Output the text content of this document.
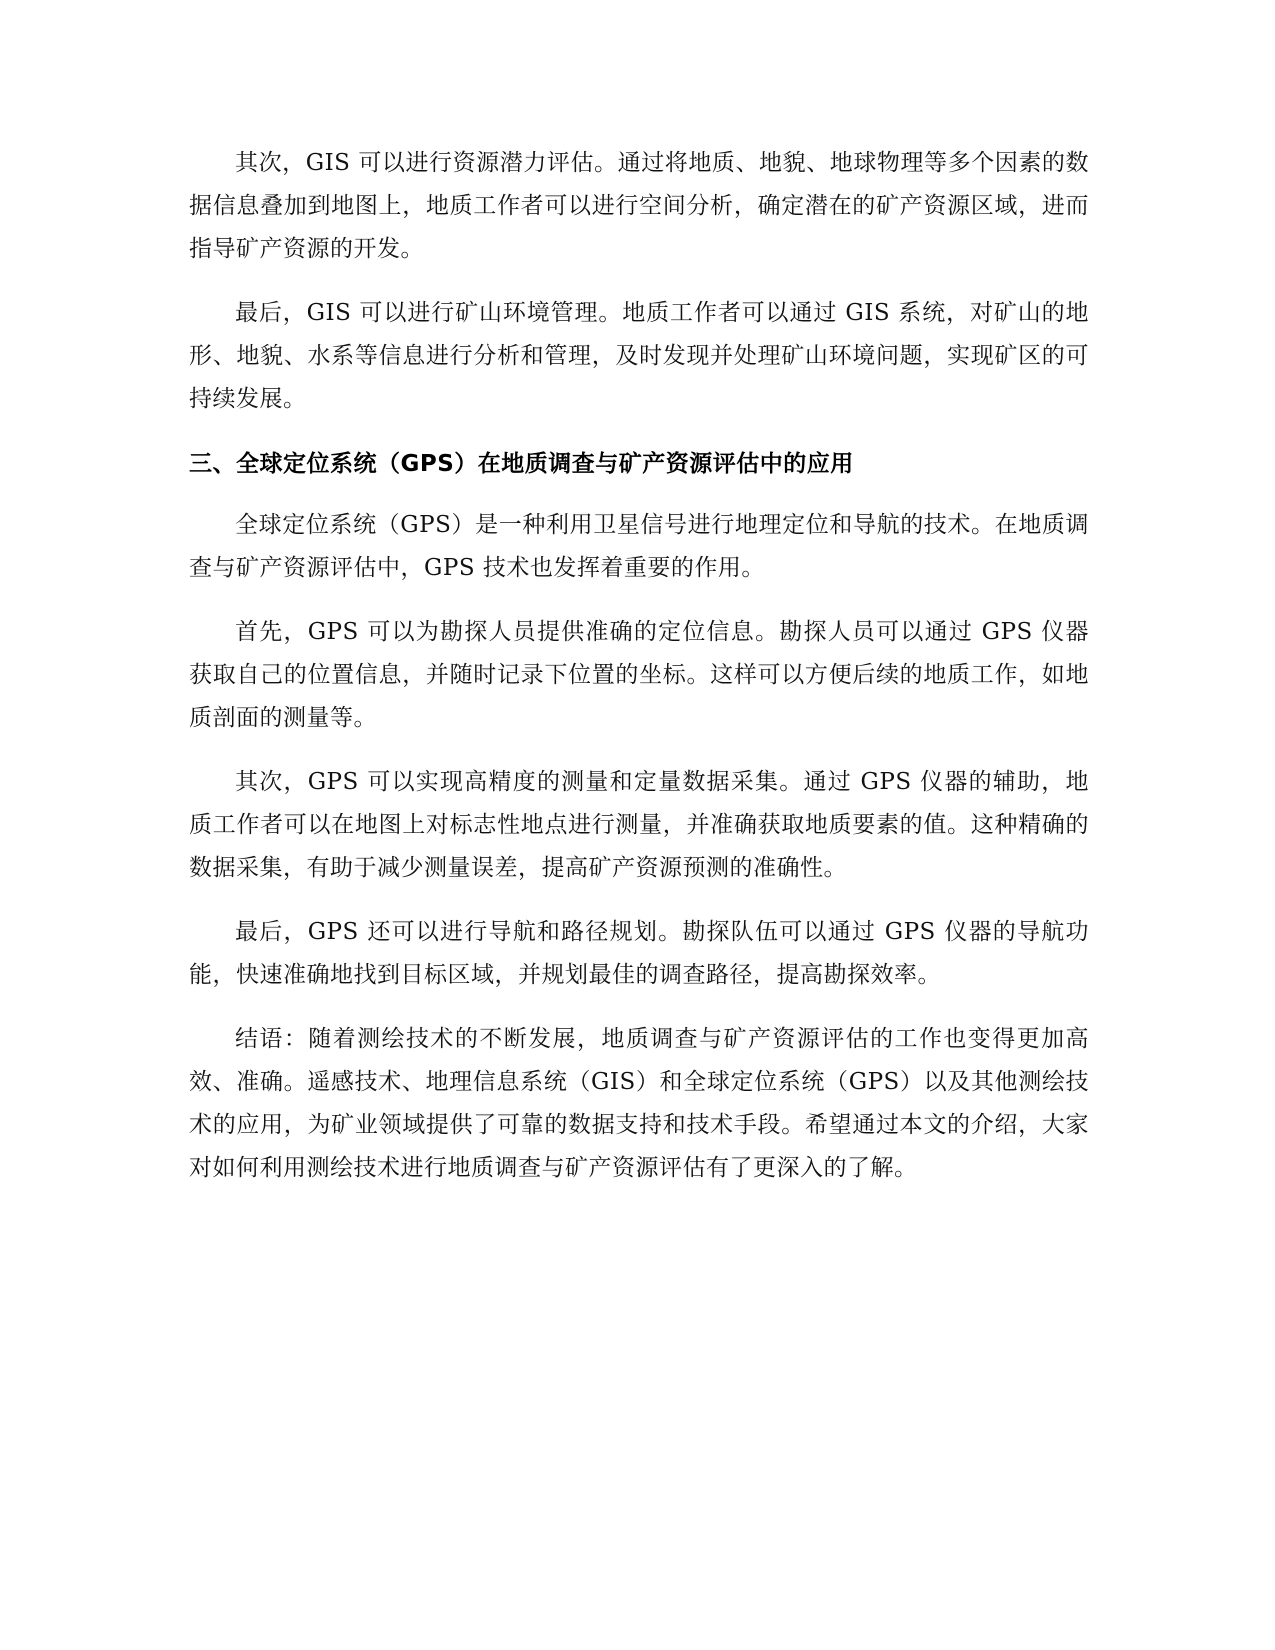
其次，GIS 可以进行资源潜力评估。通过将地质、地貌、地球物理等多个因素的数据信息叠加到地图上，地质工作者可以进行空间分析，确定潜在的矿产资源区域，进而指导矿产资源的开发。

最后，GIS 可以进行矿山环境管理。地质工作者可以通过 GIS 系统，对矿山的地形、地貌、水系等信息进行分析和管理，及时发现并处理矿山环境问题，实现矿区的可持续发展。

三、全球定位系统（GPS）在地质调查与矿产资源评估中的应用

全球定位系统（GPS）是一种利用卫星信号进行地理定位和导航的技术。在地质调查与矿产资源评估中，GPS 技术也发挥着重要的作用。

首先，GPS 可以为勘探人员提供准确的定位信息。勘探人员可以通过 GPS 仪器获取自己的位置信息，并随时记录下位置的坐标。这样可以方便后续的地质工作，如地质剖面的测量等。

其次，GPS 可以实现高精度的测量和定量数据采集。通过 GPS 仪器的辅助，地质工作者可以在地图上对标志性地点进行测量，并准确获取地质要素的值。这种精确的数据采集，有助于减少测量误差，提高矿产资源预测的准确性。

最后，GPS 还可以进行导航和路径规划。勘探队伍可以通过 GPS 仪器的导航功能，快速准确地找到目标区域，并规划最佳的调查路径，提高勘探效率。

结语：随着测绘技术的不断发展，地质调查与矿产资源评估的工作也变得更加高效、准确。遥感技术、地理信息系统（GIS）和全球定位系统（GPS）以及其他测绘技术的应用，为矿业领域提供了可靠的数据支持和技术手段。希望通过本文的介绍，大家对如何利用测绘技术进行地质调查与矿产资源评估有了更深入的了解。
